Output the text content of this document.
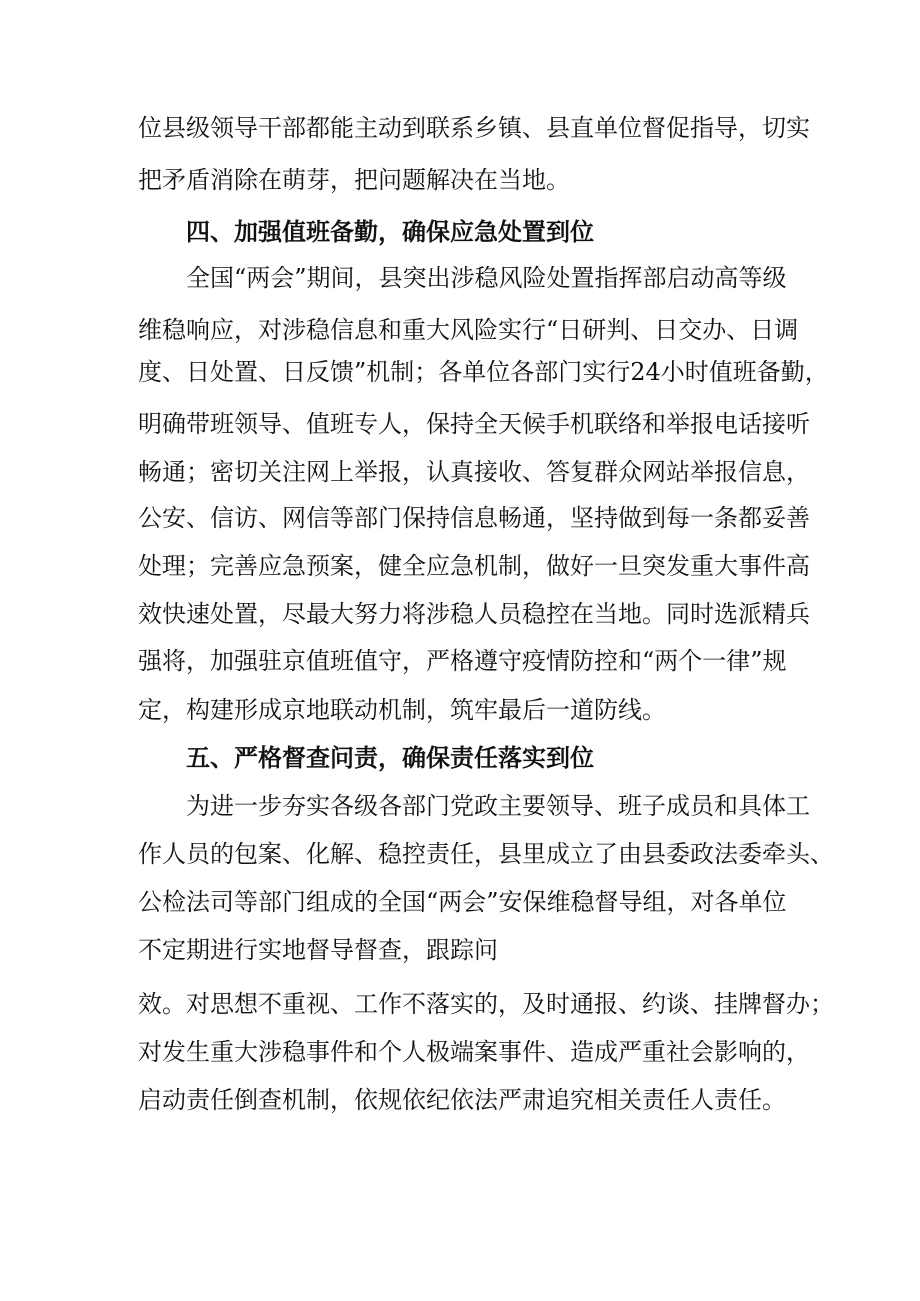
位县级领导干部都能主动到联系乡镇、县直单位督促指导，切实
把矛盾消除在萌芽，把问题解决在当地。
四、加强值班备勤，确保应急处置到位
全国“两会”期间，县突出涉稳风险处置指挥部启动高等级
维稳响应，对涉稳信息和重大风险实行“日研判、日交办、日调
度、日处置、日反馈”机制；各单位各部门实行24小时值班备勤，
明确带班领导、值班专人，保持全天候手机联络和举报电话接听
畅通；密切关注网上举报，认真接收、答复群众网站举报信息，
公安、信访、网信等部门保持信息畅通，坚持做到每一条都妥善
处理；完善应急预案，健全应急机制，做好一旦突发重大事件高
效快速处置，尽最大努力将涉稳人员稳控在当地。同时选派精兵
强将，加强驻京值班值守，严格遵守疫情防控和“两个一律”规
定，构建形成京地联动机制，筑牢最后一道防线。
五、严格督查问责，确保责任落实到位
为进一步夯实各级各部门党政主要领导、班子成员和具体工
作人员的包案、化解、稳控责任，县里成立了由县委政法委牵头、
公检法司等部门组成的全国“两会”安保维稳督导组，对各单位
不定期进行实地督导督查，跟踪问
效。对思想不重视、工作不落实的，及时通报、约谈、挂牌督办；
对发生重大涉稳事件和个人极端案事件、造成严重社会影响的，
启动责任倒查机制，依规依纪依法严肃追究相关责任人责任。
